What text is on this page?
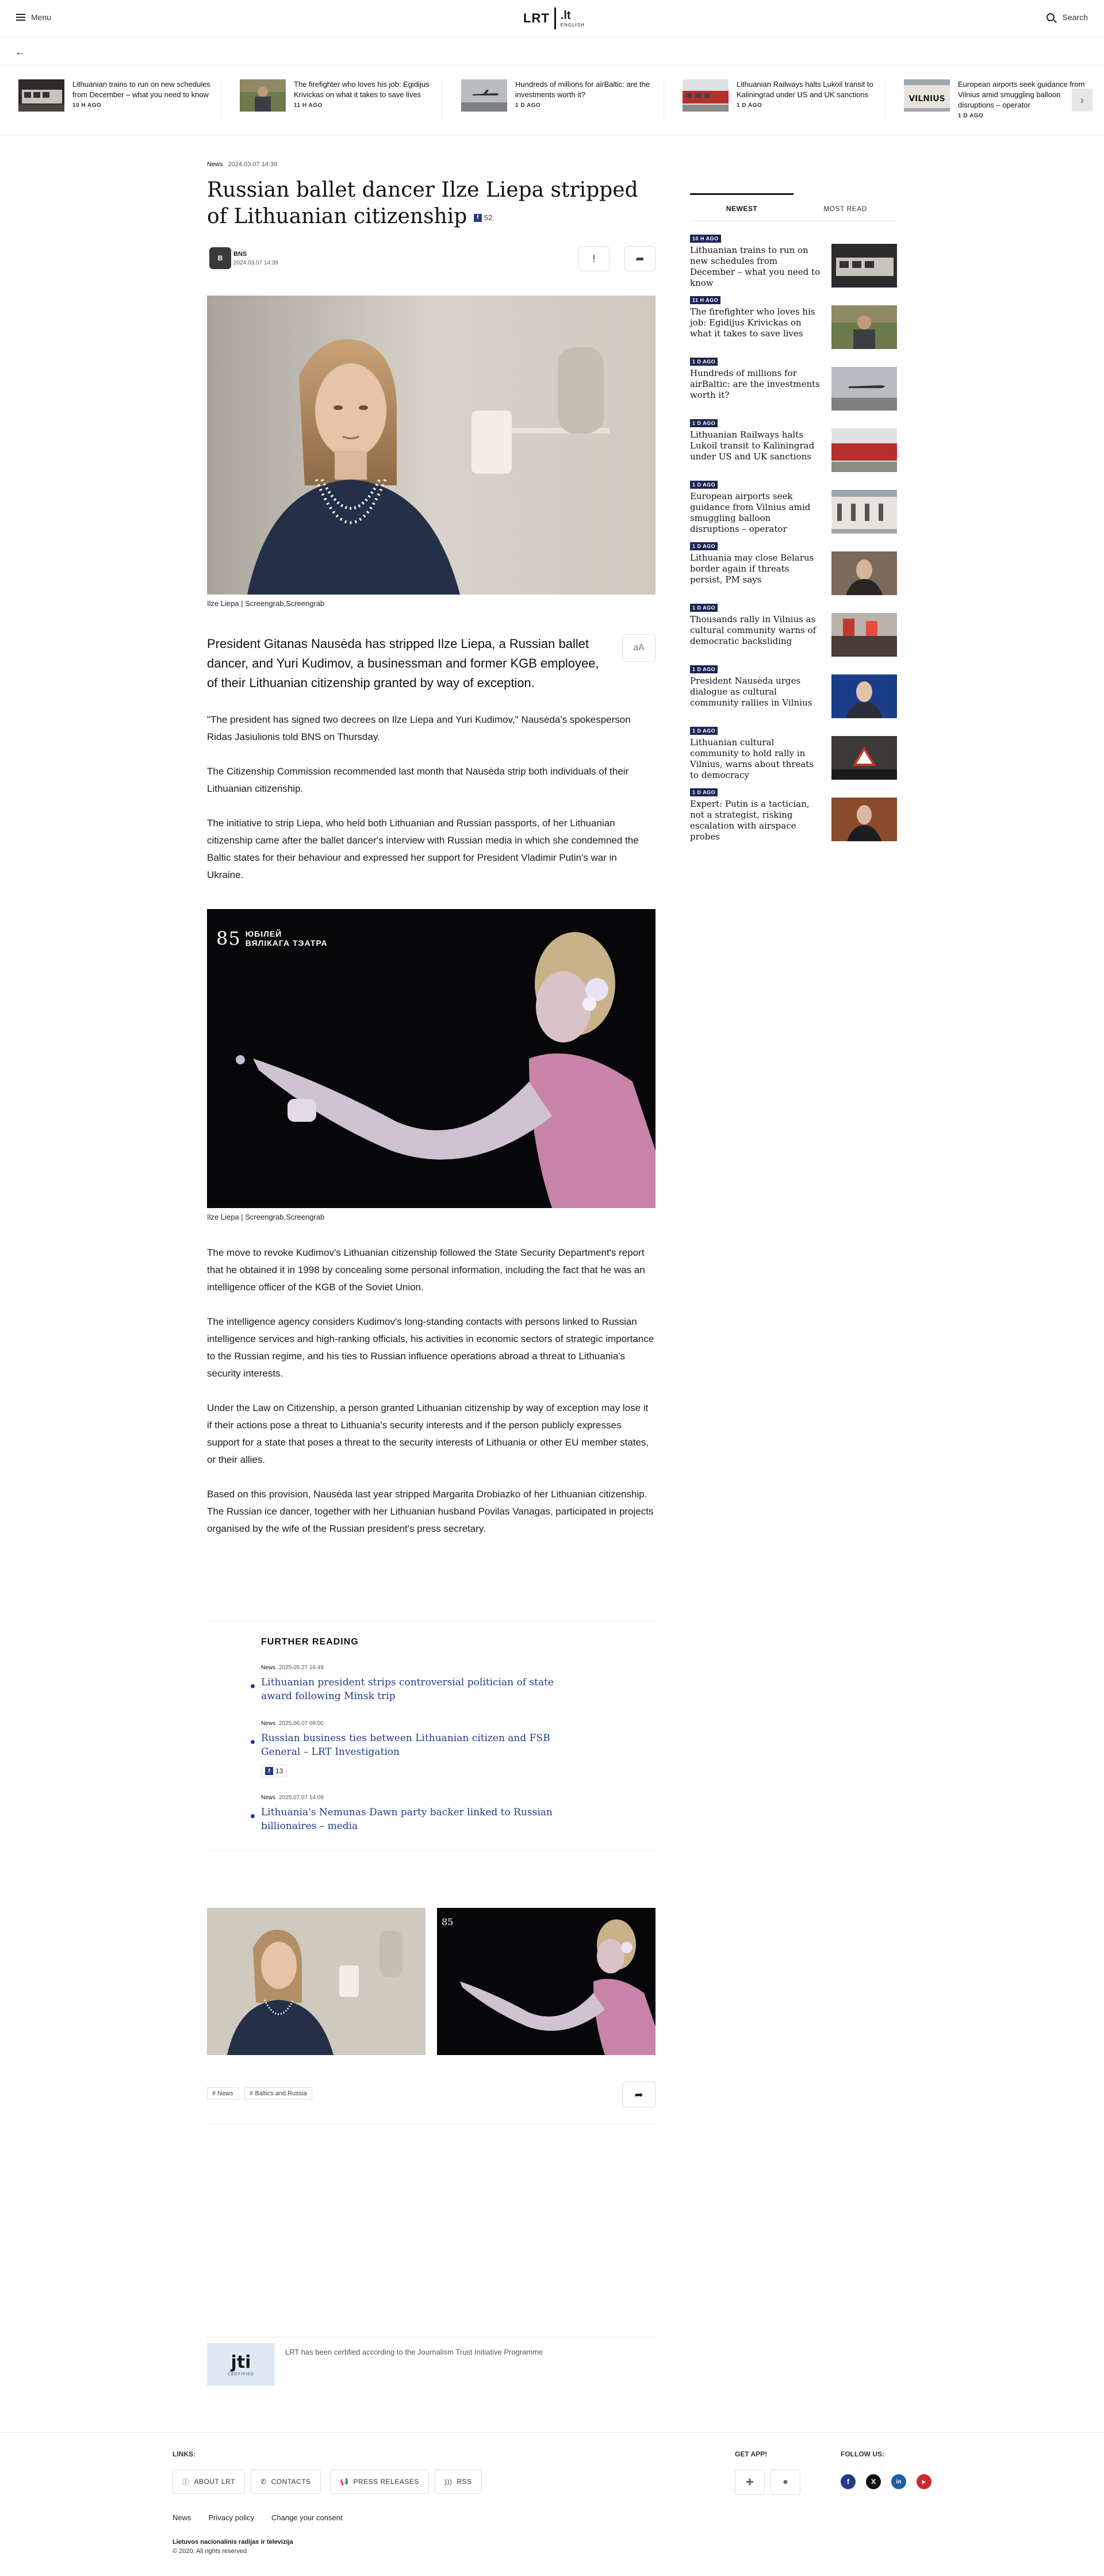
Menu	LRT .lt
ENGLISH
Search
←
Lithuanian trains to run on new schedules from December – what you need to know
10 H AGO
The firefighter who loves his job: Egidijus Krivickas on what it takes to save lives
11 H AGO
Hundreds of millions for airBaltic: are the investments worth it?
1 D AGO
Lithuanian Railways halts Lukoil transit to Kaliningrad under US and UK sanctions
1 D AGO
VILNIUS
European airports seek guidance from Vilnius amid smuggling balloon disruptions – operator
1 D AGO
›
News 2024.03.07 14:39
Russian ballet dancer Ilze Liepa stripped of Lithuanian citizenship	f 52
B	BNS
2024.03.07 14:39	!	➦
Ilze Liepa | Screengrab,Screengrab
President Gitanas Nausėda has stripped Ilze Liepa, a Russian ballet dancer, and Yuri Kudimov, a businessman and former KGB employee, of their Lithuanian citizenship granted by way of exception.
aA

"The president has signed two decrees on Ilze Liepa and Yuri Kudimov," Nausėda's spokesperson Ridas Jasiulionis told BNS on Thursday.

The Citizenship Commission recommended last month that Nausėda strip both individuals of their Lithuanian citizenship.

The initiative to strip Liepa, who held both Lithuanian and Russian passports, of her Lithuanian citizenship came after the ballet dancer's interview with Russian media in which she condemned the Baltic states for their behaviour and expressed her support for President Vladimir Putin's war in Ukraine.

85 ЮБІЛЕЙ
ВЯЛІКАГА ТЭАТРА
Ilze Liepa | Screengrab,Screengrab

The move to revoke Kudimov's Lithuanian citizenship followed the State Security Department's report that he obtained it in 1998 by concealing some personal information, including the fact that he was an intelligence officer of the KGB of the Soviet Union.

The intelligence agency considers Kudimov's long-standing contacts with persons linked to Russian intelligence services and high-ranking officials, his activities in economic sectors of strategic importance to the Russian regime, and his ties to Russian influence operations abroad a threat to Lithuania's security interests.

Under the Law on Citizenship, a person granted Lithuanian citizenship by way of exception may lose it if their actions pose a threat to Lithuania's security interests and if the person publicly expresses support for a state that poses a threat to the security interests of Lithuania or other EU member states, or their allies.

Based on this provision, Nausėda last year stripped Margarita Drobiazko of her Lithuanian citizenship. The Russian ice dancer, together with her Lithuanian husband Povilas Vanagas, participated in projects organised by the wife of the Russian president's press secretary.

FURTHER READING
News 2025.05.27 16:49
Lithuanian president strips controversial politician of state award following Minsk trip
News 2025.06.07 09:00
Russian business ties between Lithuanian citizen and FSB General – LRT Investigation
f 13
News 2025.07.07 14:09
Lithuania's Nemunas Dawn party backer linked to Russian billionaires – media
85
# News	# Baltics and Russia	➦
jti
CERTIFIED
LRT has been certified according to the Journalism Trust Initiative Programme
NEWEST	MOST READ
10 H AGO
Lithuanian trains to run on new schedules from December – what you need to know
11 H AGO
The firefighter who loves his job: Egidijus Krivickas on what it takes to save lives
1 D AGO
Hundreds of millions for airBaltic: are the investments worth it?
1 D AGO
Lithuanian Railways halts Lukoil transit to Kaliningrad under US and UK sanctions
1 D AGO
European airports seek guidance from Vilnius amid smuggling balloon disruptions – operator
1 D AGO
Lithuania may close Belarus border again if threats persist, PM says
1 D AGO
Thousands rally in Vilnius as cultural community warns of democratic backsliding
1 D AGO
President Nausėda urges dialogue as cultural community rallies in Vilnius
1 D AGO
Lithuanian cultural community to hold rally in Vilnius, warns about threats to democracy
1 D AGO
Expert: Putin is a tactician, not a strategist, risking escalation with airspace probes
LINKS:
ⓘ ABOUT LRT	✆ CONTACTS	📢 PRESS RELEASES	))) RSS
GET APP!
✚	●
FOLLOW US:
f	X	in	▶
News Privacy policy Change your consent
Lietuvos nacionalinis radijas ir televizija
© 2020. All rights reserved
